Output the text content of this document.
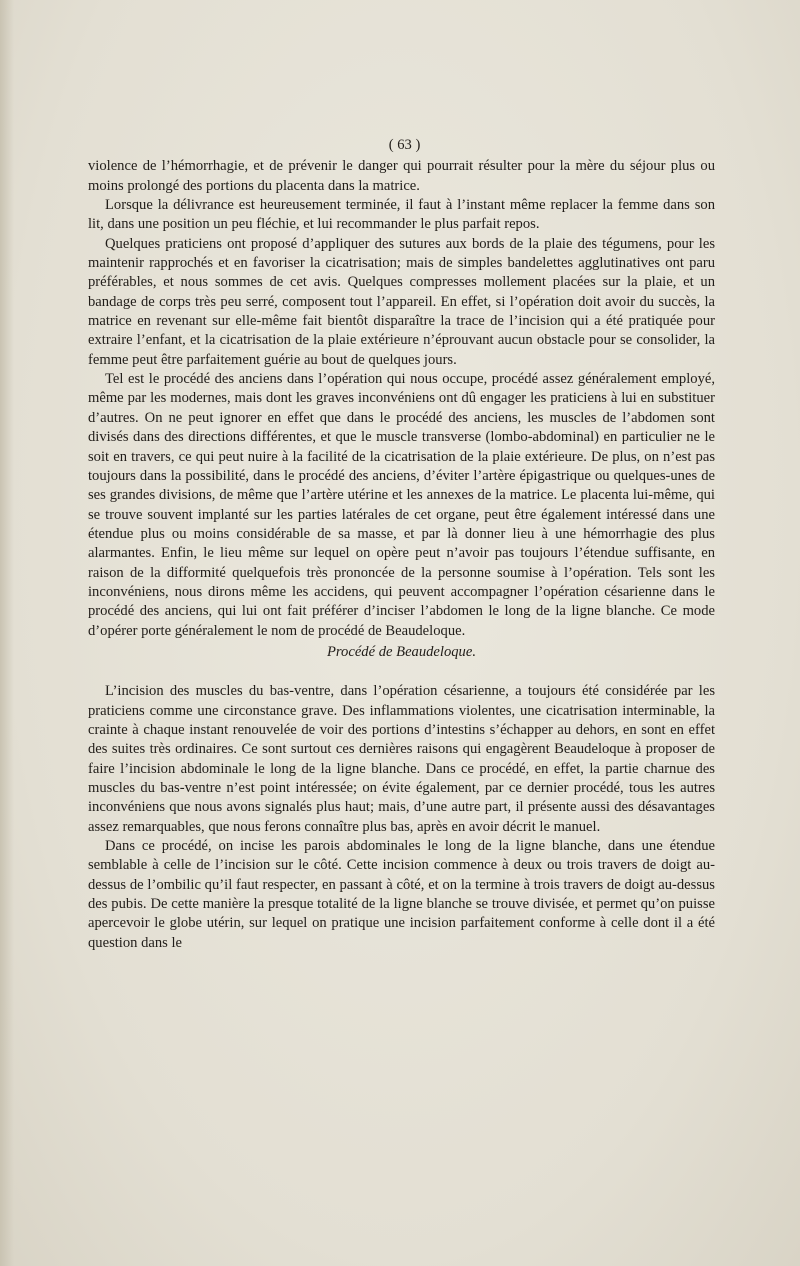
( 63 )

violence de l’hémorrhagie, et de prévenir le danger qui pourrait résulter pour la mère du séjour plus ou moins prolongé des portions du placenta dans la matrice.

Lorsque la délivrance est heureusement terminée, il faut à l’instant même replacer la femme dans son lit, dans une position un peu fléchie, et lui recommander le plus parfait repos.

Quelques praticiens ont proposé d’appliquer des sutures aux bords de la plaie des tégumens, pour les maintenir rapprochés et en favoriser la cicatrisation; mais de simples bandelettes agglutinatives ont paru préférables, et nous sommes de cet avis. Quelques compresses mollement placées sur la plaie, et un bandage de corps très peu serré, composent tout l’appareil. En effet, si l’opération doit avoir du succès, la matrice en revenant sur elle-même fait bientôt disparaître la trace de l’incision qui a été pratiquée pour extraire l’enfant, et la cicatrisation de la plaie extérieure n’éprouvant aucun obstacle pour se consolider, la femme peut être parfaitement guérie au bout de quelques jours.

Tel est le procédé des anciens dans l’opération qui nous occupe, procédé assez généralement employé, même par les modernes, mais dont les graves inconvéniens ont dû engager les praticiens à lui en substituer d’autres. On ne peut ignorer en effet que dans le procédé des anciens, les muscles de l’abdomen sont divisés dans des directions différentes, et que le muscle transverse (lombo-abdominal) en particulier ne le soit en travers, ce qui peut nuire à la facilité de la cicatrisation de la plaie extérieure. De plus, on n’est pas toujours dans la possibilité, dans le procédé des anciens, d’éviter l’artère épigastrique ou quelques-unes de ses grandes divisions, de même que l’artère utérine et les annexes de la matrice. Le placenta lui-même, qui se trouve souvent implanté sur les parties latérales de cet organe, peut être également intéressé dans une étendue plus ou moins considérable de sa masse, et par là donner lieu à une hémorrhagie des plus alarmantes. Enfin, le lieu même sur lequel on opère peut n’avoir pas toujours l’étendue suffisante, en raison de la difformité quelquefois très prononcée de la personne soumise à l’opération. Tels sont les inconvéniens, nous dirons même les accidens, qui peuvent accompagner l’opération césarienne dans le procédé des anciens, qui lui ont fait préférer d’inciser l’abdomen le long de la ligne blanche. Ce mode d’opérer porte généralement le nom de procédé de Beaudeloque.

Procédé de Beaudeloque.

L’incision des muscles du bas-ventre, dans l’opération césarienne, a toujours été considérée par les praticiens comme une circonstance grave. Des inflammations violentes, une cicatrisation interminable, la crainte à chaque instant renouvelée de voir des portions d’intestins s’échapper au dehors, en sont en effet des suites très ordinaires. Ce sont surtout ces dernières raisons qui engagèrent Beaudeloque à proposer de faire l’incision abdominale le long de la ligne blanche. Dans ce procédé, en effet, la partie charnue des muscles du bas-ventre n’est point intéressée; on évite également, par ce dernier procédé, tous les autres inconvéniens que nous avons signalés plus haut; mais, d’une autre part, il présente aussi des désavantages assez remarquables, que nous ferons connaître plus bas, après en avoir décrit le manuel.

Dans ce procédé, on incise les parois abdominales le long de la ligne blanche, dans une étendue semblable à celle de l’incision sur le côté. Cette incision commence à deux ou trois travers de doigt au-dessus de l’ombilic qu’il faut respecter, en passant à côté, et on la termine à trois travers de doigt au-dessus des pubis. De cette manière la presque totalité de la ligne blanche se trouve divisée, et permet qu’on puisse apercevoir le globe utérin, sur lequel on pratique une incision parfaitement conforme à celle dont il a été question dans le
